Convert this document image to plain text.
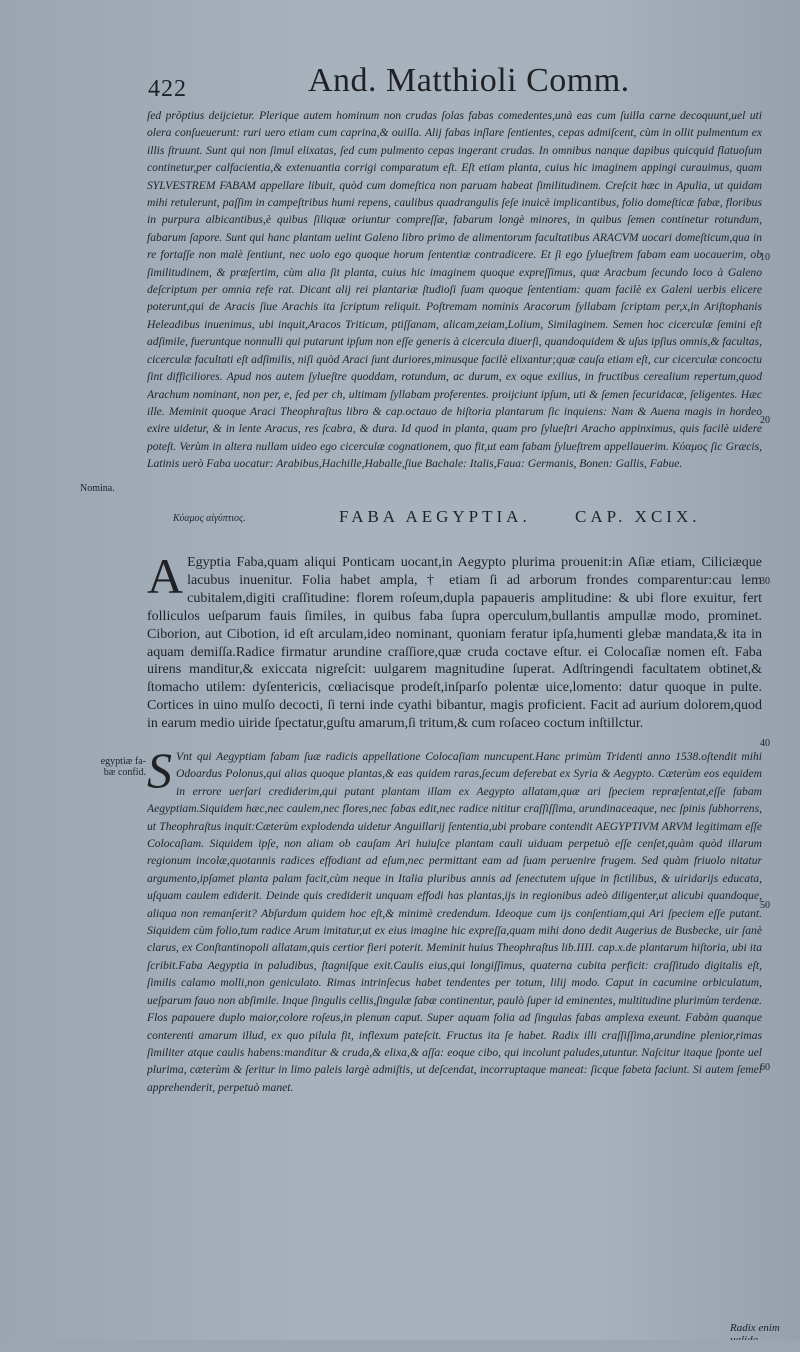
422	And. Matthioli Comm.

ſed prōptius deijcietur. Plerique autem hominum non crudas ſolas fabas comedentes,unà eas cum ſuilla carne decoquunt,uel uti olera conſueuerunt: ruri uero etiam cum caprina,& ouilla. Alij fabas inſlare ſentientes, cepas admiſcent, cùm in ollit pulmentum ex illis ſtruunt. Sunt qui non ſimul elixatas, ſed cum pulmento cepas ingerant crudas. In omnibus nanque dapibus quicquid flatuoſum continetur,per calfacientia,& extenuantia corrigi comparatum eſt. Eſt etiam planta, cuius hic imaginem appingi curauimus, quam SYLVESTREM FABAM appellare libuit, quòd cum domeſtica non paruam habeat ſimilitudinem. Creſcit hæc in Apulia, ut quidam mihi retulerunt, paſſim in campeſtribus humi repens, caulibus quadrangulis ſeſe inuicè implicantibus, folio domeſticæ fabæ, floribus in purpura albicantibus,è quibus ſiliquæ oriuntur compreſſæ, fabarum longè minores, in quibus ſemen continetur rotundum, fabarum ſapore. Sunt qui hanc plantam uelint Galeno libro primo de alimentorum facultatibus ARACVM uocari domeſticum,qua in re fortaſſe non malè ſentiunt, nec uolo ego quoque horum ſententiæ contradicere. Et ſi ego ſylueſtrem fabam eam uocauerim, ob ſimilitudinem, & præſertim, cùm alia ſit planta, cuius hic imaginem quoque expreſſimus, quæ Aracbum ſecundo loco à Galeno deſcriptum per omnia refe rat. Dicant alij rei plantariæ ſtudioſi ſuam quoque ſententiam: quam facilè ex Galeni uerbis elicere poterunt,qui de Aracis ſiue Arachis ita ſcriptum reliquit. Poſtremam nominis Aracorum ſyllabam ſcriptam per,x,in Ariſtophanis Heleadibus inuenimus, ubi inquit,Aracos Triticum, ptiſſanam, alicam,zeiam,Lolium, Similaginem. Semen hoc cicerculæ ſemini eſt adſimile, fueruntque nonnulli qui putarunt ipſum non eſſe generis à cicercula diuerſi, quandoquidem & uſus ipſius omnis,& facultas, cicerculæ facultati eſt adſimilis, niſi quòd Araci ſunt duriores,minusque facilè elixantur;quæ cauſa etiam eſt, cur cicerculæ concoctu ſint difficiliores. Apud nos autem ſylueſtre quoddam, rotundum, ac durum, ex oque exilius, in fructibus cerealium repertum,quod Arachum nominant, non per, e, ſed per ch, ultimam ſyllabam proferentes. proijciunt ipſum, uti & ſemen ſecuridacæ, ſeligentes. Hæc ille. Meminit quoque Araci Theophraſtus libro & cap.octauo de hiſtoria plantarum ſic inquiens: Nam & Auena magis in hordeo exire uidetur, & in lente Aracus, res ſcabra, & dura. Id quod in planta, quam pro ſylueſtri Aracho appinximus, quis facilè uidere poteſt. Verùm in altera nullam uideo ego cicerculæ cognationem, quo fit,ut eam fabam ſylueſtrem appellauerim. Κύαμος ſic Græcis, Latinis uerò Faba uocatur: Arabibus,Hachille,Haballe,ſiue Bachale: Italis,Faua: Germanis, Bonen: Gallis, Fabue.

Nomina.
Κύαμος αἰγύπτιος.	FABA AEGYPTIA.	CAP. XCIX.
A Egyptia Faba,quam aliqui Ponticam uocant,in Aegypto plurima prouenit:in Aſiæ etiam, Ciliciæque lacubus inuenitur. Folia habet ampla, † etiam ſi ad arborum frondes comparentur:cau lem cubitalem,digiti craſſitudine: florem roſeum,dupla papaueris amplitudine: & ubi flore exuitur, fert folliculos ueſparum fauis ſimiles, in quibus faba ſupra operculum,bullantis ampullæ modo, prominet. Ciborion, aut Cibotion, id eſt arculam,ideo nominant, quoniam feratur ipſa,humenti glebæ mandata,& ita in aquam demiſſa.Radice firmatur arundine craſſiore,quæ cruda coctave eſtur. ei Colocaſiæ nomen eſt. Faba uirens manditur,& exiccata nigreſcit: uulgarem magnitudine ſuperat. Adſtringendi facultatem obtinet,& ſtomacho utilem: dyſentericis, cœliacisque prodeſt,inſparſo polentæ uice,lomento: datur quoque in pulte. Cortices in uino mulſo decocti, ſi terni inde cyathi bibantur, magis proficient. Facit ad aurium dolorem,quod in earum medio uiride ſpectatur,guſtu amarum,ſi tritum,& cum roſaceo coctum inſtillctur.
egyptiæ fa-
bæ confid. S Vnt qui Aegyptiam fabam ſuæ radicis appellatione Colocaſiam nuncupent.Hanc primùm Tridenti anno 1538.oſtendit mihi Odoardus Polonus,qui alias quoque plantas,& eas quidem raras,ſecum deferebat ex Syria & Aegypto. Cæterùm eos equidem in errore uerſari crediderim,qui putant plantam illam ex Aegypto allatam,quæ ari ſpeciem repræſentat,eſſe fabam Aegyptiam.Siquidem hæc,nec caulem,nec flores,nec fabas edit,nec radice nititur craſſiſſima, arundinaceaque, nec ſpinis ſubhorrens, ut Theophraſtus inquit:Cæterùm explodenda uidetur Anguillarij ſententia,ubi probare contendit AEGYPTIVM ARVM legitimam eſſe Colocaſiam. Siquidem ipſe, non aliam ob cauſam Ari huiuſce plantam cauli uiduam perpetuò eſſe cenſet,quàm quòd illarum regionum incolæ,quotannis radices effodiant ad eſum,nec permittant eam ad ſuam peruenire frugem. Sed quàm friuolo nitatur argumento,ipſamet planta palam facit,cùm neque in Italia pluribus annis ad ſenectutem uſque in fictilibus, & uiridarijs educata, uſquam caulem ediderit. Deinde quis crediderit unquam effodi has plantas,ijs in regionibus adeò diligenter,ut alicubi quandoque, aliqua non remanſerit? Abſurdum quidem hoc eſt,& minimè credendum. Ideoque cum ijs conſentiam,qui Ari ſpeciem eſſe putant. Siquidem cùm folio,tum radice Arum imitatur,ut ex eius imagine hic expreſſa,quam mihi dono dedit Augerius de Busbecke, uir ſanè clarus, ex Conſtantinopoli allatam,quis certior fieri poterit. Meminit huius Theophraſtus lib.IIII. cap.x.de plantarum hiſtoria, ubi ita ſcribit.Faba Aegyptia in paludibus, ſtagniſque exit.Caulis eius,qui longiſſimus, quaterna cubita perficit: craſſitudo digitalis eſt, ſimilis calamo molli,non geniculato. Rimas intrinſecus habet tendentes per totum, lilij modo. Caput in cacumine orbiculatum, ueſparum fauo non abſimile. Inque ſingulis cellis,ſingulæ fabæ continentur, paulò ſuper id eminentes, multitudine plurimùm terdenæ. Flos papauere duplo maior,colore roſeus,in plenum caput. Super aquam folia ad ſingulas fabas amplexa exeunt. Fabàm quanque conterenti amarum illud, ex quo pilula fit, inflexum pateſcit. Fructus ita ſe habet. Radix illi craſſiſſima,arundine plenior,rimas ſimiliter atque caulis habens:manditur & cruda,& elixa,& aſſa: eoque cibo, qui incolunt paludes,utuntur. Naſcitur itaque ſponte uel plurima, cæterùm & ſeritur in limo paleis largè admiſtis, ut deſcendat, incorruptaque maneat: ſicque fabeta faciunt. Si autem ſemel apprehenderit, perpetuò manet.
10
20
30
40
50
60
Radix enim
